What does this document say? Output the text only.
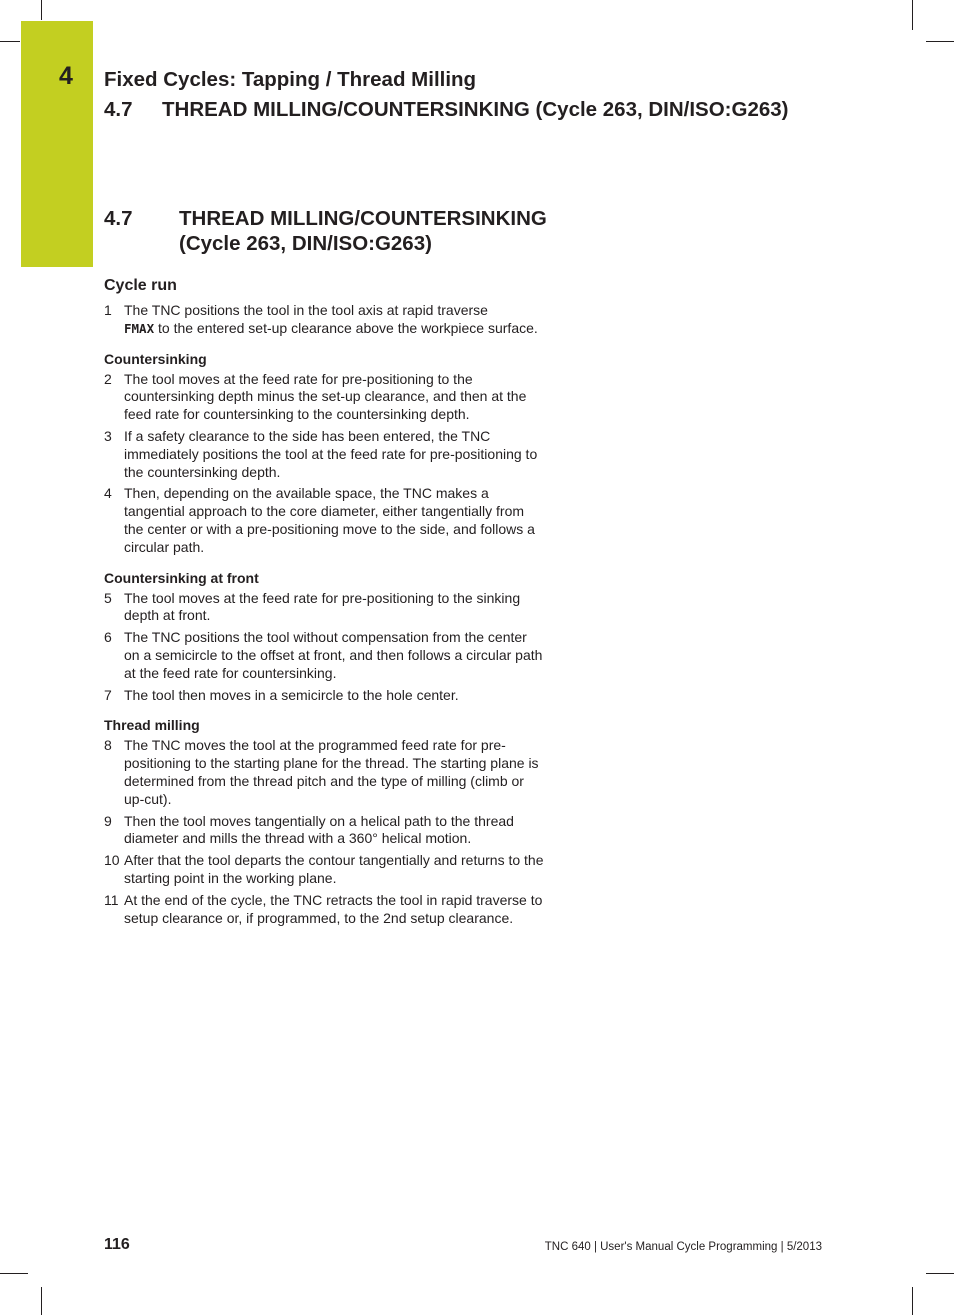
4	Fixed Cycles: Tapping / Thread Milling
4.7 THREAD MILLING/COUNTERSINKING (Cycle 263, DIN/ISO:G263)
4.7 THREAD MILLING/COUNTERSINKING
(Cycle 263, DIN/ISO:G263)
Cycle run
1 The TNC positions the tool in the tool axis at rapid traverse
FMAX to the entered set-up clearance above the workpiece surface.
Countersinking
2 The tool moves at the feed rate for pre-positioning to the countersinking depth minus the set-up clearance, and then at the feed rate for countersinking to the countersinking depth.
3 If a safety clearance to the side has been entered, the TNC immediately positions the tool at the feed rate for pre-positioning to the countersinking depth.
4 Then, depending on the available space, the TNC makes a tangential approach to the core diameter, either tangentially from the center or with a pre-positioning move to the side, and follows a circular path.
Countersinking at front
5 The tool moves at the feed rate for pre-positioning to the sinking depth at front.
6 The TNC positions the tool without compensation from the center on a semicircle to the offset at front, and then follows a circular path at the feed rate for countersinking.
7 The tool then moves in a semicircle to the hole center.
Thread milling
8 The TNC moves the tool at the programmed feed rate for pre-positioning to the starting plane for the thread. The starting plane is determined from the thread pitch and the type of milling (climb or up-cut).
9 Then the tool moves tangentially on a helical path to the thread diameter and mills the thread with a 360° helical motion.
10 After that the tool departs the contour tangentially and returns to the starting point in the working plane.
11 At the end of the cycle, the TNC retracts the tool in rapid traverse to setup clearance or, if programmed, to the 2nd setup clearance.
116	TNC 640 | User's Manual Cycle Programming | 5/2013
